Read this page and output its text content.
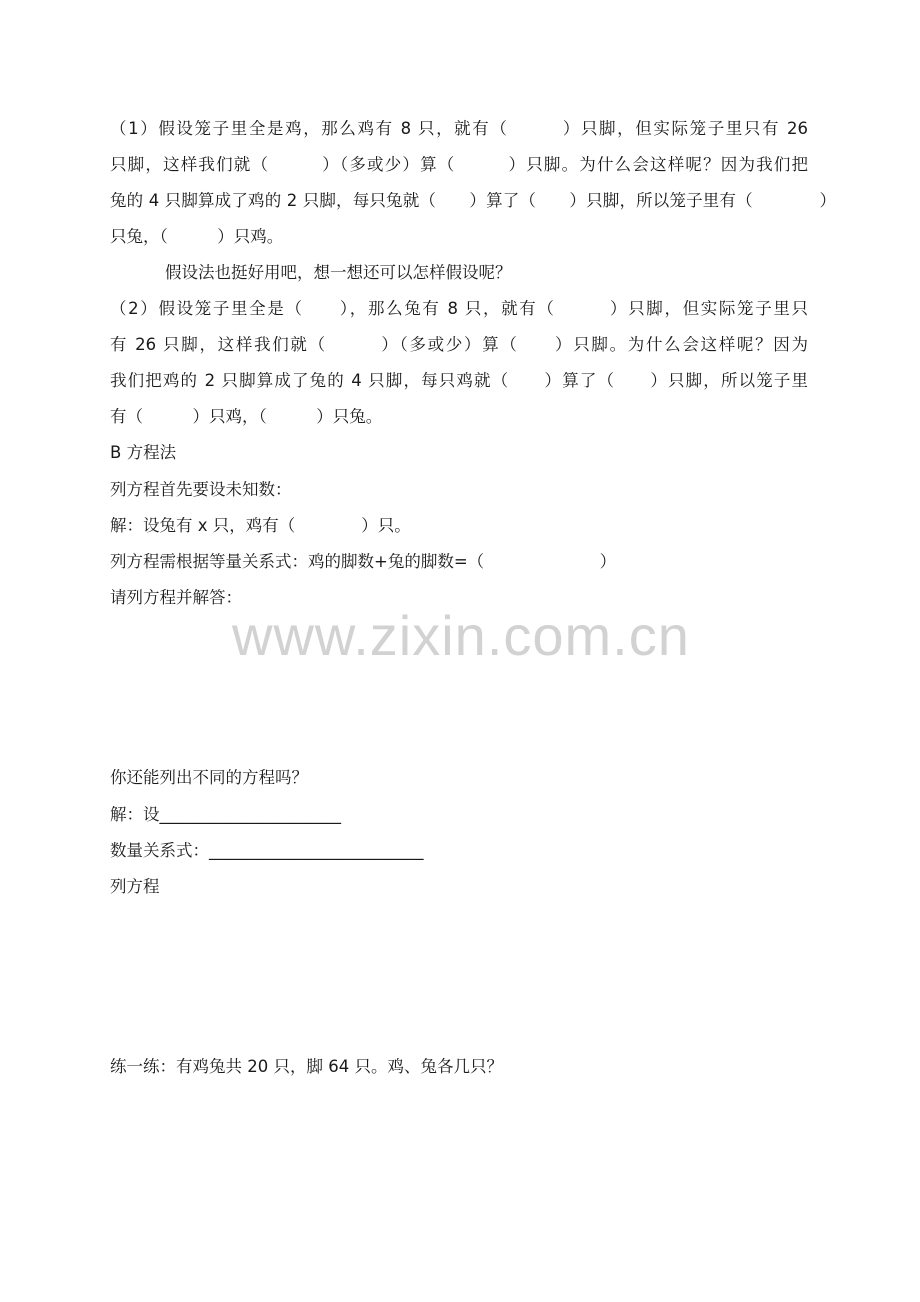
（1）假设笼子里全是鸡，那么鸡有 8 只，就有（　　　）只脚，但实际笼子里只有 26

只脚，这样我们就（　　　）（多或少）算（　　　）只脚。为什么会这样呢？因为我们把

兔的 4 只脚算成了鸡的 2 只脚，每只兔就（　　）算了（　　）只脚，所以笼子里有（　　　　）

只兔，（　　　）只鸡。

假设法也挺好用吧，想一想还可以怎样假设呢？

（2）假设笼子里全是（　　），那么兔有 8 只，就有（　　　）只脚，但实际笼子里只

有 26 只脚，这样我们就（　　　）（多或少）算（　　）只脚。为什么会这样呢？因为

我们把鸡的 2 只脚算成了兔的 4 只脚，每只鸡就（　　）算了（　　）只脚，所以笼子里

有（　　　）只鸡，（　　　）只兔。

B 方程法

列方程首先要设未知数：

解：设兔有 x 只，鸡有（　　　　）只。

列方程需根据等量关系式：鸡的脚数+兔的脚数=（　　　　　　　）

请列方程并解答：

www.zixin.com.cn

你还能列出不同的方程吗？

解：设______________________

数量关系式：__________________________

列方程

练一练：有鸡兔共 20 只，脚 64 只。鸡、兔各几只？
